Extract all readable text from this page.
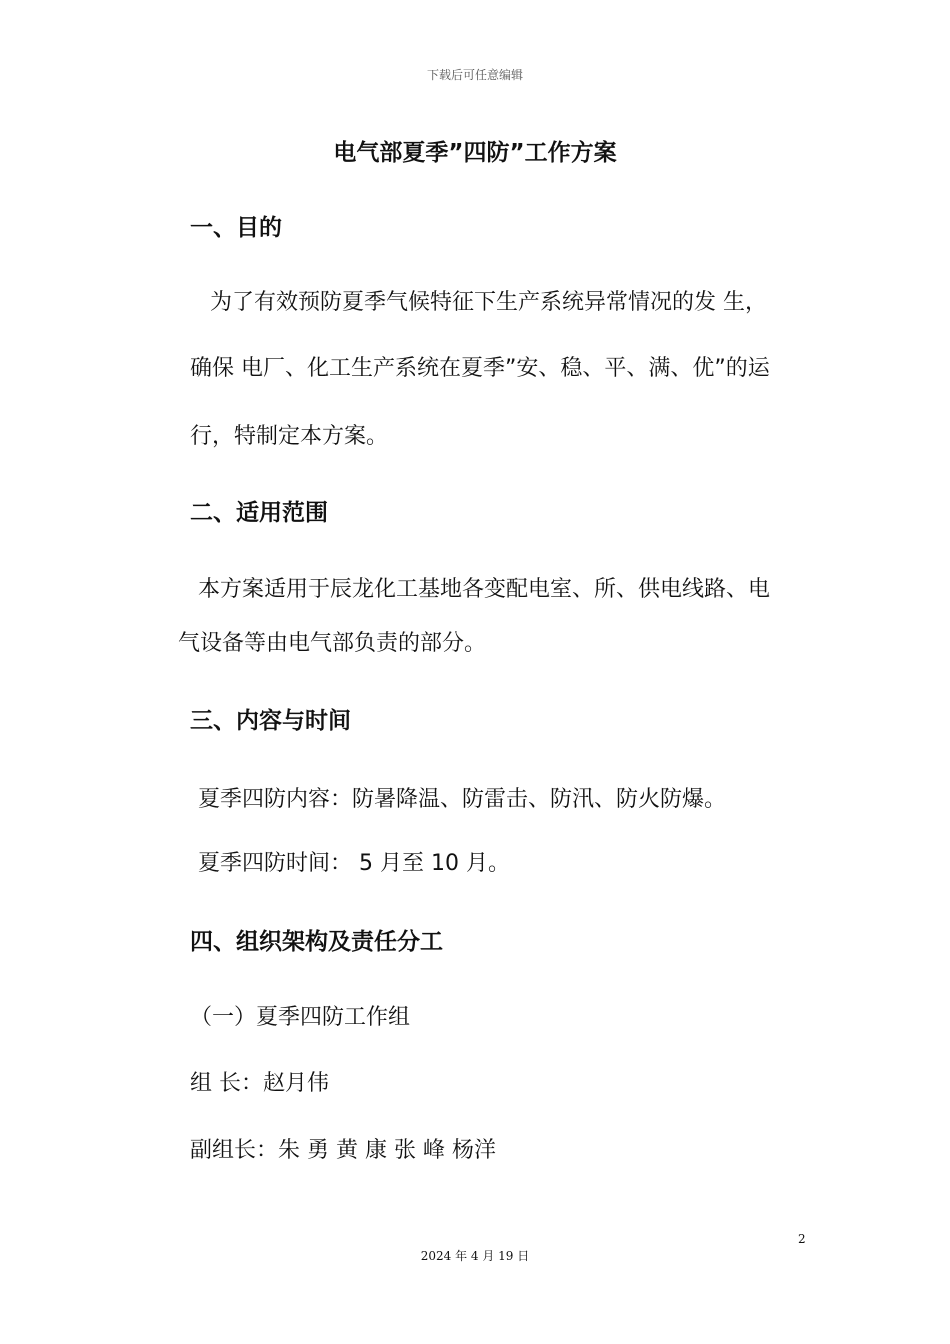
下载后可任意编辑
电气部夏季”四防”工作方案
一、目的
为了有效预防夏季气候特征下生产系统异常情况的发 生，
确保 电厂、化工生产系统在夏季”安、稳、平、满、优”的运
行，特制定本方案。
二、适用范围
本方案适用于辰龙化工基地各变配电室、所、供电线路、电
气设备等由电气部负责的部分。
三、内容与时间
夏季四防内容：防暑降温、防雷击、防汛、防火防爆。
夏季四防时间： 5 月至 10 月。
四、组织架构及责任分工
（一）夏季四防工作组
组 长：赵月伟
副组长：朱 勇 黄 康 张 峰 杨洋
2
2024 年 4 月 19 日
